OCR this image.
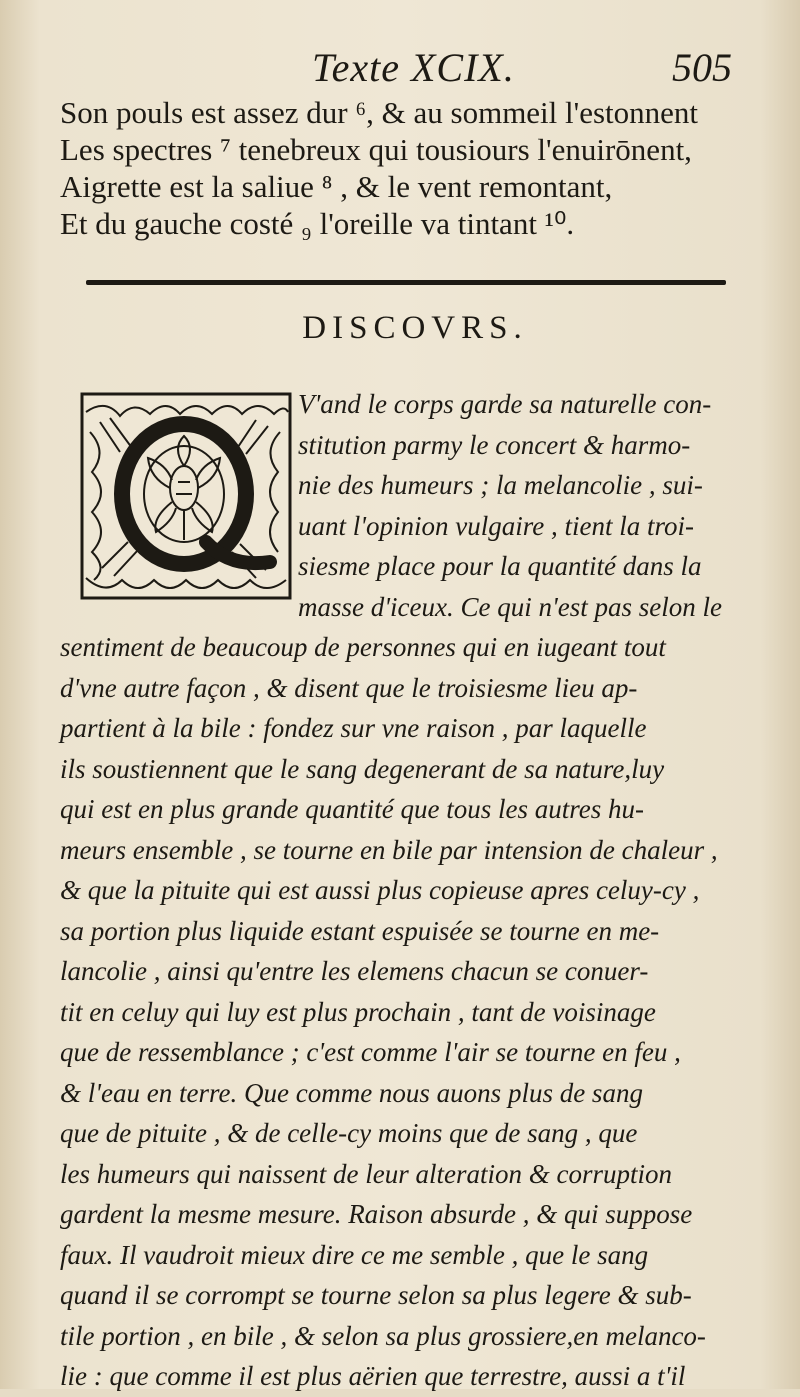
Texte XCIX.	505
Son pouls est assez dur ⁶, & au sommeil l'estonnent
Les spectres ⁷ tenebreux qui tousiours l'enuirōnent,
Aigrette est la saliue ⁸ , & le vent remontant,
Et du gauche costé ₉ l'oreille va tintant ¹⁰.
DISCOVRS.
V'and le corps garde sa naturelle con-
stitution parmy le concert & harmo-
nie des humeurs ; la melancolie , sui-
uant l'opinion vulgaire , tient la troi-
siesme place pour la quantité dans la
masse d'iceux. Ce qui n'est pas selon le
sentiment de beaucoup de personnes qui en iugeant tout
d'vne autre façon , & disent que le troisiesme lieu ap-
partient à la bile : fondez sur vne raison , par laquelle
ils soustiennent que le sang degenerant de sa nature,luy
qui est en plus grande quantité que tous les autres hu-
meurs ensemble , se tourne en bile par intension de chaleur ,
& que la pituite qui est aussi plus copieuse apres celuy-cy ,
sa portion plus liquide estant espuisée se tourne en me-
lancolie , ainsi qu'entre les elemens chacun se conuer-
tit en celuy qui luy est plus prochain , tant de voisinage
que de ressemblance ; c'est comme l'air se tourne en feu ,
& l'eau en terre. Que comme nous auons plus de sang
que de pituite , & de celle-cy moins que de sang , que
les humeurs qui naissent de leur alteration & corruption
gardent la mesme mesure. Raison absurde , & qui suppose
faux. Il vaudroit mieux dire ce me semble , que le sang
quand il se corrompt se tourne selon sa plus legere & sub-
tile portion , en bile , & selon sa plus grossiere,en melanco-
lie : que comme il est plus aërien que terrestre, aussi a t'il
